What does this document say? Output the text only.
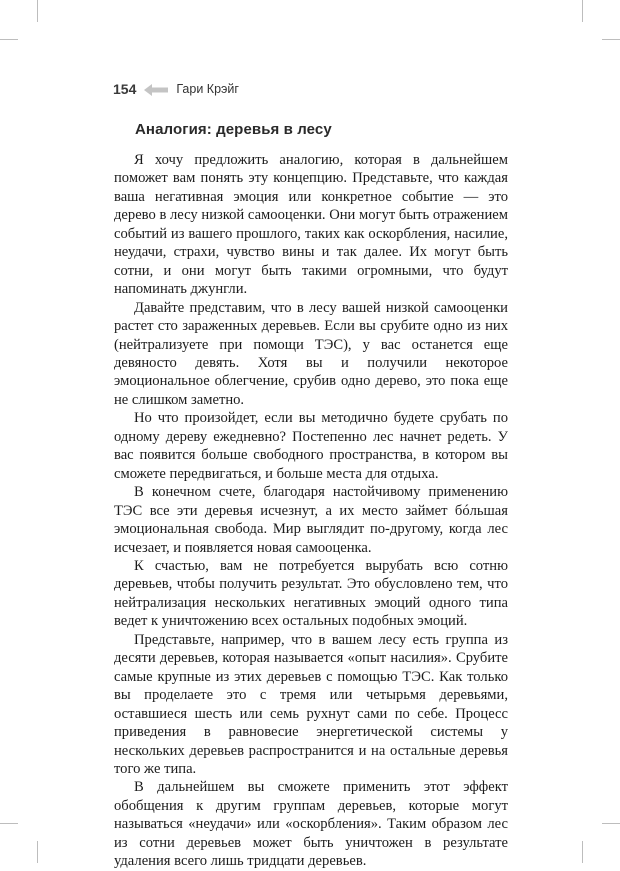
154	Гари Крэйг
Аналогия: деревья в лесу

Я хочу предложить аналогию, которая в дальнейшем поможет вам понять эту концепцию. Представьте, что каждая ваша негативная эмоция или конкретное событие — это дерево в лесу низкой самооценки. Они могут быть отражением событий из вашего прошлого, таких как оскорбления, насилие, неудачи, страхи, чувство вины и так далее. Их могут быть сотни, и они могут быть такими огромными, что будут напоминать джунгли.

Давайте представим, что в лесу вашей низкой самооценки растет сто зараженных деревьев. Если вы срубите одно из них (нейтрализуете при помощи ТЭС), у вас останется еще девяносто девять. Хотя вы и получили некоторое эмоциональное облегчение, срубив одно дерево, это пока еще не слишком заметно.

Но что произойдет, если вы методично будете срубать по одному дереву ежедневно? Постепенно лес начнет редеть. У вас появится больше свободного пространства, в котором вы сможете передвигаться, и больше места для отдыха.

В конечном счете, благодаря настойчивому применению ТЭС все эти деревья исчезнут, а их место займет бóльшая эмоциональная свобода. Мир выглядит по-другому, когда лес исчезает, и появляется новая самооценка.

К счастью, вам не потребуется вырубать всю сотню деревьев, чтобы получить результат. Это обусловлено тем, что нейтрализация нескольких негативных эмоций одного типа ведет к уничтожению всех остальных подобных эмоций.

Представьте, например, что в вашем лесу есть группа из десяти деревьев, которая называется «опыт насилия». Срубите самые крупные из этих деревьев с помощью ТЭС. Как только вы проделаете это с тремя или четырьмя деревьями, оставшиеся шесть или семь рухнут сами по себе. Процесс приведения в равновесие энергетической системы у нескольких деревьев распространится и на остальные деревья того же типа.

В дальнейшем вы сможете применить этот эффект обобщения к другим группам деревьев, которые могут называться «неудачи» или «оскорбления». Таким образом лес из сотни деревьев может быть уничтожен в результате удаления всего лишь тридцати деревьев.
